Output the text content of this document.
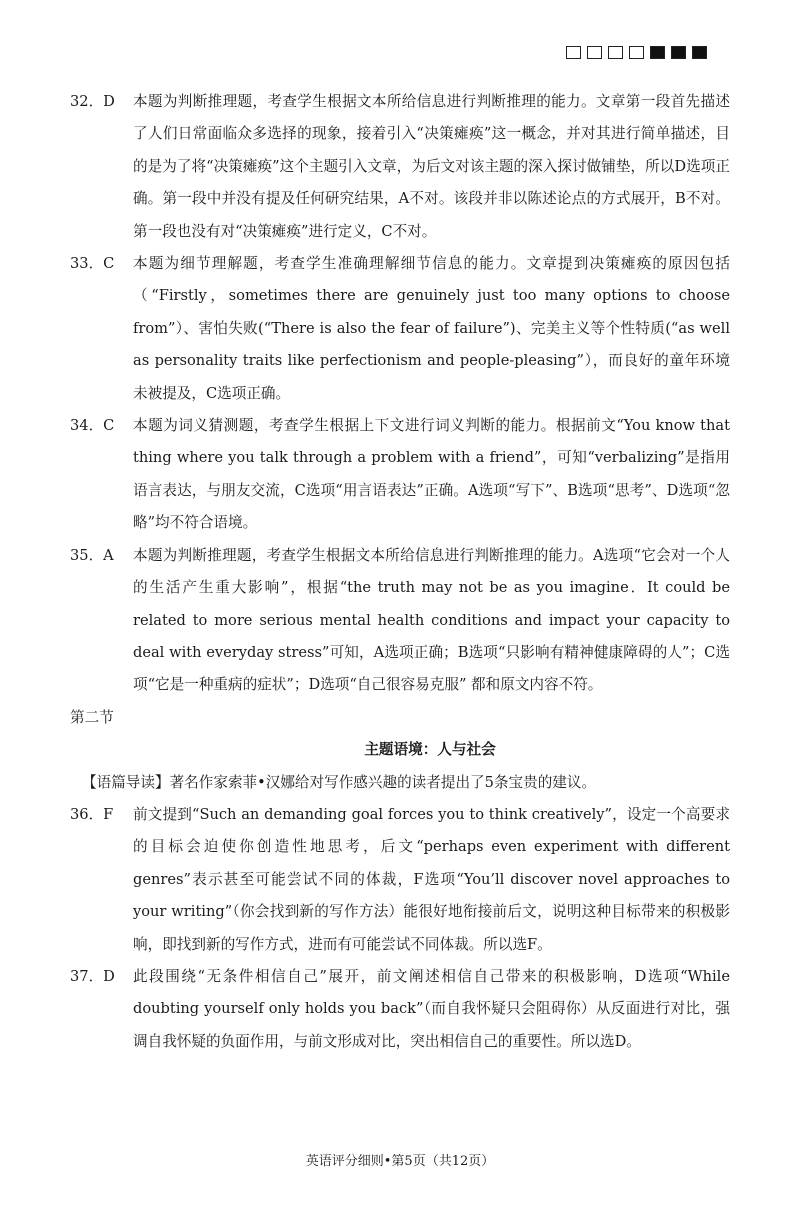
32．D	本题为判断推理题，考查学生根据文本所给信息进行判断推理的能力。文章第一段首先描述了人们日常面临众多选择的现象，接着引入“决策瘫痪”这一概念，并对其进行简单描述，目的是为了将“决策瘫痪”这个主题引入文章，为后文对该主题的深入探讨做铺垫，所以D选项正确。第一段中并没有提及任何研究结果，A不对。该段并非以陈述论点的方式展开，B不对。第一段也没有对“决策瘫痪”进行定义，C不对。
33．C	本题为细节理解题，考查学生准确理解细节信息的能力。文章提到决策瘫痪的原因包括（“Firstly，sometimes there are genuinely just too many options to choose from”）、害怕失败(“There is also the fear of failure”)、完美主义等个性特质(“as well as personality traits like perfectionism and people-pleasing”），而良好的童年环境未被提及，C选项正确。
34．C	本题为词义猜测题，考查学生根据上下文进行词义判断的能力。根据前文“You know that thing where you talk through a problem with a friend”，可知“verbalizing”是指用语言表达，与朋友交流，C选项“用言语表达”正确。A选项“写下”、B选项“思考”、D选项“忽略”均不符合语境。
35．A	本题为判断推理题，考查学生根据文本所给信息进行判断推理的能力。A选项“它会对一个人的生活产生重大影响”，根据“the truth may not be as you imagine．It could be related to more serious mental health conditions and impact your capacity to deal with everyday stress”可知，A选项正确；B选项“只影响有精神健康障碍的人”；C选项“它是一种重病的症状”；D选项“自己很容易克服” 都和原文内容不符。
第二节
主题语境：人与社会
【语篇导读】著名作家索菲•汉娜给对写作感兴趣的读者提出了5条宝贵的建议。
36．F	前文提到“Such an demanding goal forces you to think creatively”，设定一个高要求的目标会迫使你创造性地思考，后文“perhaps even experiment with different genres”表示甚至可能尝试不同的体裁，F选项“You’ll discover novel approaches to your writing”（你会找到新的写作方法）能很好地衔接前后文，说明这种目标带来的积极影响，即找到新的写作方式，进而有可能尝试不同体裁。所以选F。
37．D	此段围绕“无条件相信自己”展开，前文阐述相信自己带来的积极影响，D选项“While doubting yourself only holds you back”（而自我怀疑只会阻碍你）从反面进行对比，强调自我怀疑的负面作用，与前文形成对比，突出相信自己的重要性。所以选D。
英语评分细则•第5页（共12页）
